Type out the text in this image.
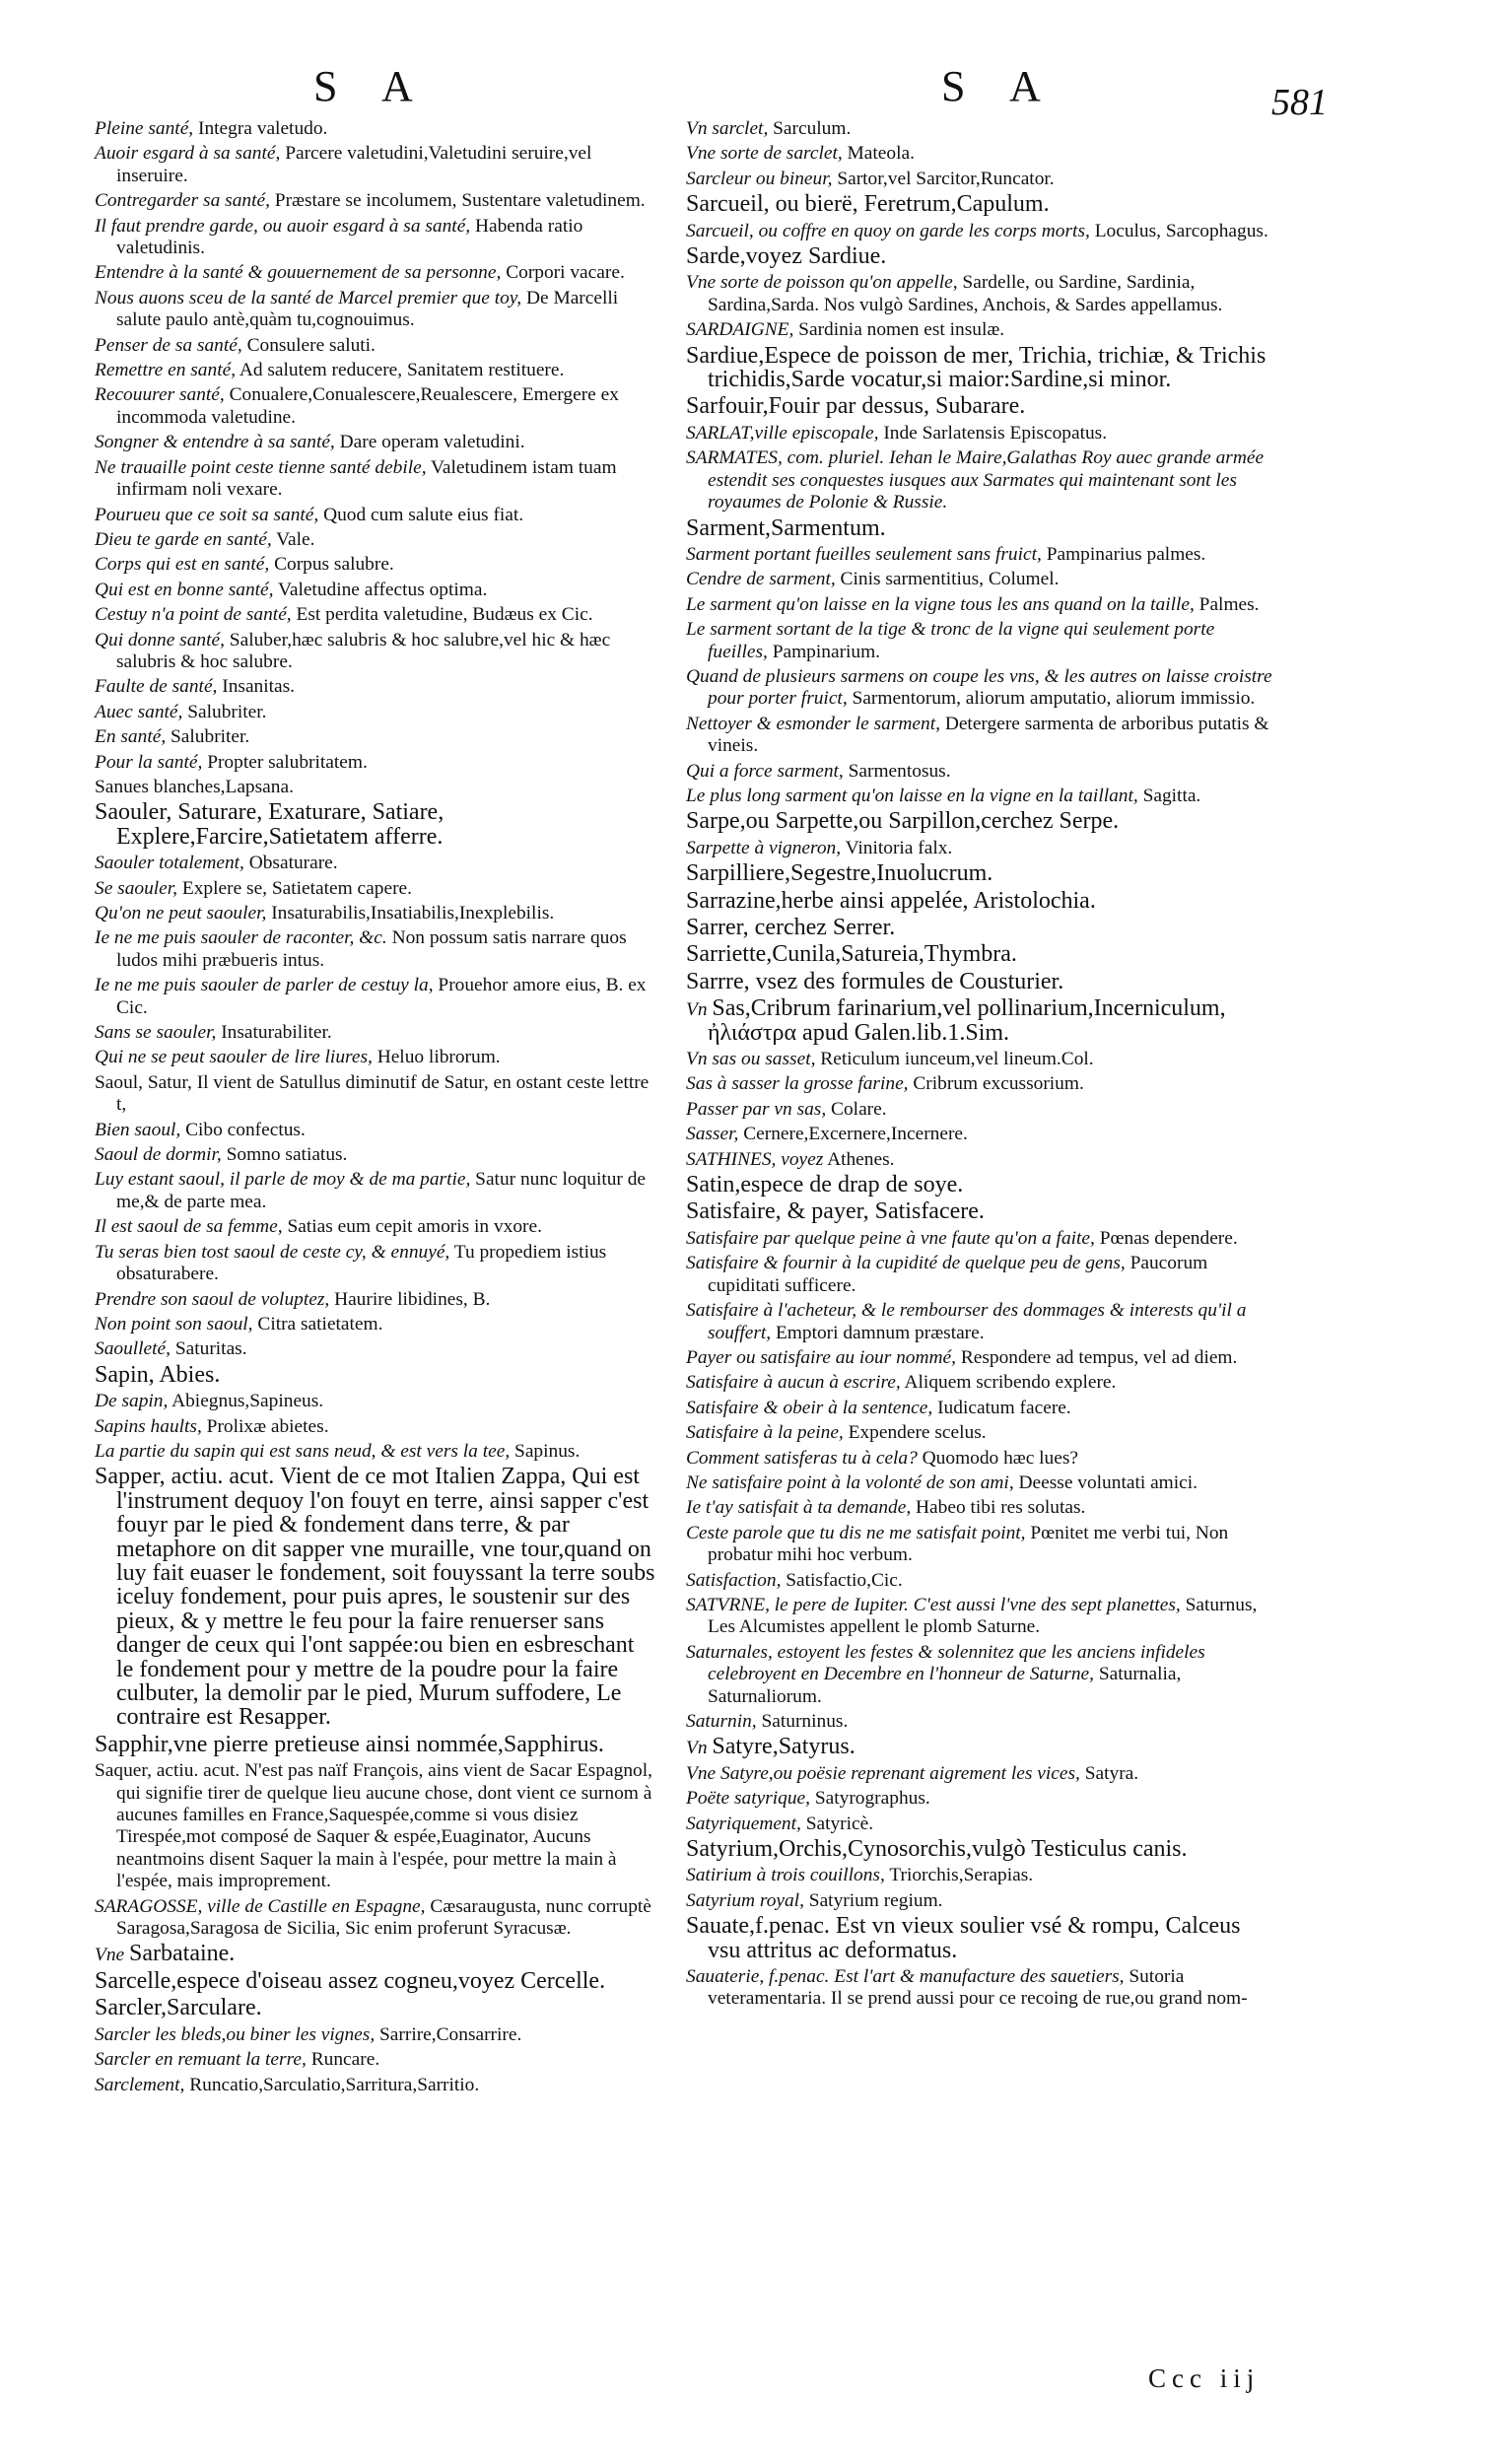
S A	S A	581

Pleine santé, Integra valetudo.

Auoir esgard à sa santé, Parcere valetudini,Valetudini seruire,vel inseruire.

Contregarder sa santé, Præstare se incolumem, Sustentare valetudinem.

Il faut prendre garde, ou auoir esgard à sa santé, Habenda ratio valetudinis.

Entendre à la santé & gouuernement de sa personne, Corpori vacare.

Nous auons sceu de la santé de Marcel premier que toy, De Marcelli salute paulo antè,quàm tu,cognouimus.

Penser de sa santé, Consulere saluti.

Remettre en santé, Ad salutem reducere, Sanitatem restituere.

Recouurer santé, Conualere,Conualescere,Reualescere, Emergere ex incommoda valetudine.

Songner & entendre à sa santé, Dare operam valetudini.

Ne trauaille point ceste tienne santé debile, Valetudinem istam tuam infirmam noli vexare.

Pourueu que ce soit sa santé, Quod cum salute eius fiat.

Dieu te garde en santé, Vale.

Corps qui est en santé, Corpus salubre.

Qui est en bonne santé, Valetudine affectus optima.

Cestuy n'a point de santé, Est perdita valetudine, Budæus ex Cic.

Qui donne santé, Saluber,hæc salubris & hoc salubre,vel hic & hæc salubris & hoc salubre.

Faulte de santé, Insanitas.

Auec santé, Salubriter.

En santé, Salubriter.

Pour la santé, Propter salubritatem.

Sanues blanches,Lapsana.

Saouler, Saturare, Exaturare, Satiare, Explere,Farcire,Satietatem afferre.

Saouler totalement, Obsaturare.

Se saouler, Explere se, Satietatem capere.

Qu'on ne peut saouler, Insaturabilis,Insatiabilis,Inexplebilis.

Ie ne me puis saouler de raconter, &c. Non possum satis narrare quos ludos mihi præbueris intus.

Ie ne me puis saouler de parler de cestuy la, Prouehor amore eius, B. ex Cic.

Sans se saouler, Insaturabiliter.

Qui ne se peut saouler de lire liures, Heluo librorum.

Saoul, Satur, Il vient de Satullus diminutif de Satur, en ostant ceste lettre t,

Bien saoul, Cibo confectus.

Saoul de dormir, Somno satiatus.

Luy estant saoul, il parle de moy & de ma partie, Satur nunc loquitur de me,& de parte mea.

Il est saoul de sa femme, Satias eum cepit amoris in vxore.

Tu seras bien tost saoul de ceste cy, & ennuyé, Tu propediem istius obsaturabere.

Prendre son saoul de voluptez, Haurire libidines, B.

Non point son saoul, Citra satietatem.

Saoulleté, Saturitas.

Sapin, Abies.

De sapin, Abiegnus,Sapineus.

Sapins haults, Prolixæ abietes.

La partie du sapin qui est sans neud, & est vers la tee, Sapinus.

Sapper, actiu. acut. Vient de ce mot Italien Zappa, Qui est l'instrument dequoy l'on fouyt en terre, ainsi sapper c'est fouyr par le pied & fondement dans terre, & par metaphore on dit sapper vne muraille, vne tour,quand on luy fait euaser le fondement, soit fouyssant la terre soubs iceluy fondement, pour puis apres, le soustenir sur des pieux, & y mettre le feu pour la faire renuerser sans danger de ceux qui l'ont sappée:ou bien en esbreschant le fondement pour y mettre de la poudre pour la faire culbuter, la demolir par le pied, Murum suffodere, Le contraire est Resapper.

Sapphir,vne pierre pretieuse ainsi nommée,Sapphirus.

Saquer, actiu. acut. N'est pas naïf François, ains vient de Sacar Espagnol, qui signifie tirer de quelque lieu aucune chose, dont vient ce surnom à aucunes familles en France,Saquespée,comme si vous disiez Tirespée,mot composé de Saquer & espée,Euaginator, Aucuns neantmoins disent Saquer la main à l'espée, pour mettre la main à l'espée, mais improprement.

SARAGOSSE, ville de Castille en Espagne, Cæsaraugusta, nunc corruptè Saragosa,Saragosa de Sicilia, Sic enim proferunt Syracusæ.

Vne Sarbataine.

Sarcelle,espece d'oiseau assez cogneu,voyez Cercelle.

Sarcler,Sarculare.

Sarcler les bleds,ou biner les vignes, Sarrire,Consarrire.

Sarcler en remuant la terre, Runcare.

Sarclement, Runcatio,Sarculatio,Sarritura,Sarritio.

Vn sarclet, Sarculum.

Vne sorte de sarclet, Mateola.

Sarcleur ou bineur, Sartor,vel Sarcitor,Runcator.

Sarcueil, ou bierë, Feretrum,Capulum.

Sarcueil, ou coffre en quoy on garde les corps morts, Loculus, Sarcophagus.

Sarde,voyez Sardiue.

Vne sorte de poisson qu'on appelle, Sardelle, ou Sardine, Sardinia, Sardina,Sarda. Nos vulgò Sardines, Anchois, & Sardes appellamus.

SARDAIGNE, Sardinia nomen est insulæ.

Sardiue,Espece de poisson de mer, Trichia, trichiæ, & Trichis trichidis,Sarde vocatur,si maior:Sardine,si minor.

Sarfouir,Fouir par dessus, Subarare.

SARLAT,ville episcopale, Inde Sarlatensis Episcopatus.

SARMATES, com. pluriel. Iehan le Maire,Galathas Roy auec grande armée estendit ses conquestes iusques aux Sarmates qui maintenant sont les royaumes de Polonie & Russie.

Sarment,Sarmentum.

Sarment portant fueilles seulement sans fruict, Pampinarius palmes.

Cendre de sarment, Cinis sarmentitius, Columel.

Le sarment qu'on laisse en la vigne tous les ans quand on la taille, Palmes.

Le sarment sortant de la tige & tronc de la vigne qui seulement porte fueilles, Pampinarium.

Quand de plusieurs sarmens on coupe les vns, & les autres on laisse croistre pour porter fruict, Sarmentorum, aliorum amputatio, aliorum immissio.

Nettoyer & esmonder le sarment, Detergere sarmenta de arboribus putatis & vineis.

Qui a force sarment, Sarmentosus.

Le plus long sarment qu'on laisse en la vigne en la taillant, Sagitta.

Sarpe,ou Sarpette,ou Sarpillon,cerchez Serpe.

Sarpette à vigneron, Vinitoria falx.

Sarpilliere,Segestre,Inuolucrum.

Sarrazine,herbe ainsi appelée, Aristolochia.

Sarrer, cerchez Serrer.

Sarriette,Cunila,Satureia,Thymbra.

Sarrre, vsez des formules de Cousturier.

Vn Sas,Cribrum farinarium,vel pollinarium,Incerniculum, ἠλιάστρα apud Galen.lib.1.Sim.

Vn sas ou sasset, Reticulum iunceum,vel lineum.Col.

Sas à sasser la grosse farine, Cribrum excussorium.

Passer par vn sas, Colare.

Sasser, Cernere,Excernere,Incernere.

SATHINES, voyez Athenes.

Satin,espece de drap de soye.

Satisfaire, & payer, Satisfacere.

Satisfaire par quelque peine à vne faute qu'on a faite, Pœnas dependere.

Satisfaire & fournir à la cupidité de quelque peu de gens, Paucorum cupiditati sufficere.

Satisfaire à l'acheteur, & le rembourser des dommages & interests qu'il a souffert, Emptori damnum præstare.

Payer ou satisfaire au iour nommé, Respondere ad tempus, vel ad diem.

Satisfaire à aucun à escrire, Aliquem scribendo explere.

Satisfaire & obeir à la sentence, Iudicatum facere.

Satisfaire à la peine, Expendere scelus.

Comment satisferas tu à cela? Quomodo hæc lues?

Ne satisfaire point à la volonté de son ami, Deesse voluntati amici.

Ie t'ay satisfait à ta demande, Habeo tibi res solutas.

Ceste parole que tu dis ne me satisfait point, Pœnitet me verbi tui, Non probatur mihi hoc verbum.

Satisfaction, Satisfactio,Cic.

SATVRNE, le pere de Iupiter. C'est aussi l'vne des sept planettes, Saturnus, Les Alcumistes appellent le plomb Saturne.

Saturnales, estoyent les festes & solennitez que les anciens infideles celebroyent en Decembre en l'honneur de Saturne, Saturnalia, Saturnaliorum.

Saturnin, Saturninus.

Vn Satyre,Satyrus.

Vne Satyre,ou poësie reprenant aigrement les vices, Satyra.

Poëte satyrique, Satyrographus.

Satyriquement, Satyricè.

Satyrium,Orchis,Cynosorchis,vulgò Testiculus canis.

Satirium à trois couillons, Triorchis,Serapias.

Satyrium royal, Satyrium regium.

Sauate,f.penac. Est vn vieux soulier vsé & rompu, Calceus vsu attritus ac deformatus.

Sauaterie, f.penac. Est l'art & manufacture des sauetiers, Sutoria veteramentaria. Il se prend aussi pour ce recoing de rue,ou grand nom-

Ccc iij
